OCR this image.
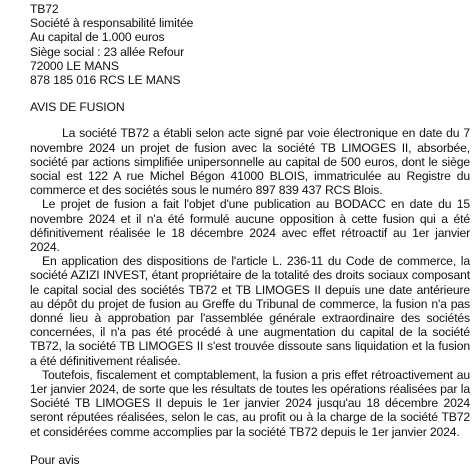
TB72
Société à responsabilité limitée
Au capital de 1.000 euros
Siège social : 23 allée Refour
72000 LE MANS
878 185 016 RCS LE MANS
AVIS DE FUSION

La société TB72 a établi selon acte signé par voie électronique en date du 7 novembre 2024 un projet de fusion avec la société TB LIMOGES II, absorbée, société par actions simplifiée unipersonnelle au capital de 500 euros, dont le siège social est 122 A rue Michel Bégon 41000 BLOIS, immatriculée au Registre du commerce et des sociétés sous le numéro 897 839 437 RCS Blois.

Le projet de fusion a fait l'objet d'une publication au BODACC en date du 15 novembre 2024 et il n'a été formulé aucune opposition à cette fusion qui a été définitivement réalisée le 18 décembre 2024 avec effet rétroactif au 1er janvier 2024.

En application des dispositions de l'article L. 236-11 du Code de commerce, la société AZIZI INVEST, étant propriétaire de la totalité des droits sociaux composant le capital social des sociétés TB72 et TB LIMOGES II depuis une date antérieure au dépôt du projet de fusion au Greffe du Tribunal de commerce, la fusion n'a pas donné lieu à approbation par l'assemblée générale extraordinaire des sociétés concernées, il n'a pas été procédé à une augmentation du capital de la société TB72, la société TB LIMOGES II s'est trouvée dissoute sans liquidation et la fusion a été définitivement réalisée.

Toutefois, fiscalement et comptablement, la fusion a pris effet rétroactivement au 1er janvier 2024, de sorte que les résultats de toutes les opérations réalisées par la Société TB LIMOGES II depuis le 1er janvier 2024 jusqu'au 18 décembre 2024 seront réputées réalisées, selon le cas, au profit ou à la charge de la société TB72 et considérées comme accomplies par la société TB72 depuis le 1er janvier 2024.

Pour avis
